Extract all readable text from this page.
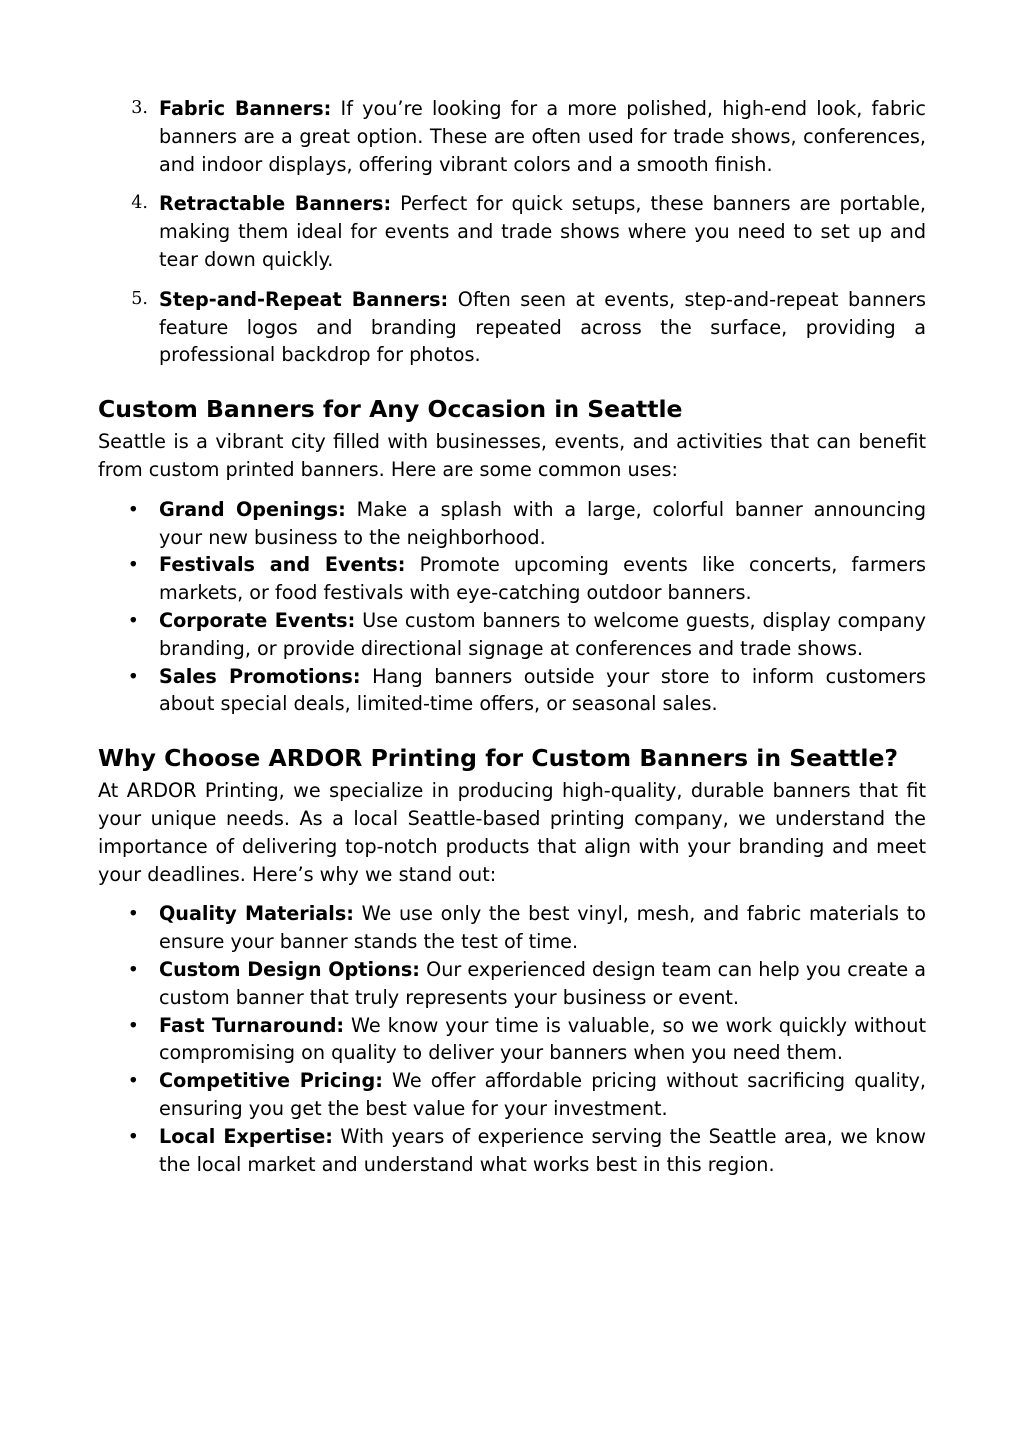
3. Fabric Banners: If you’re looking for a more polished, high-end look, fabric banners are a great option. These are often used for trade shows, conferences, and indoor displays, offering vibrant colors and a smooth finish.
4. Retractable Banners: Perfect for quick setups, these banners are portable, making them ideal for events and trade shows where you need to set up and tear down quickly.
5. Step-and-Repeat Banners: Often seen at events, step-and-repeat banners feature logos and branding repeated across the surface, providing a professional backdrop for photos.
Custom Banners for Any Occasion in Seattle

Seattle is a vibrant city filled with businesses, events, and activities that can benefit from custom printed banners. Here are some common uses:

• Grand Openings: Make a splash with a large, colorful banner announcing your new business to the neighborhood.
• Festivals and Events: Promote upcoming events like concerts, farmers markets, or food festivals with eye-catching outdoor banners.
• Corporate Events: Use custom banners to welcome guests, display company branding, or provide directional signage at conferences and trade shows.
• Sales Promotions: Hang banners outside your store to inform customers about special deals, limited-time offers, or seasonal sales.
Why Choose ARDOR Printing for Custom Banners in Seattle?

At ARDOR Printing, we specialize in producing high-quality, durable banners that fit your unique needs. As a local Seattle-based printing company, we understand the importance of delivering top-notch products that align with your branding and meet your deadlines. Here’s why we stand out:

• Quality Materials: We use only the best vinyl, mesh, and fabric materials to ensure your banner stands the test of time.
• Custom Design Options: Our experienced design team can help you create a custom banner that truly represents your business or event.
• Fast Turnaround: We know your time is valuable, so we work quickly without compromising on quality to deliver your banners when you need them.
• Competitive Pricing: We offer affordable pricing without sacrificing quality, ensuring you get the best value for your investment.
• Local Expertise: With years of experience serving the Seattle area, we know the local market and understand what works best in this region.
